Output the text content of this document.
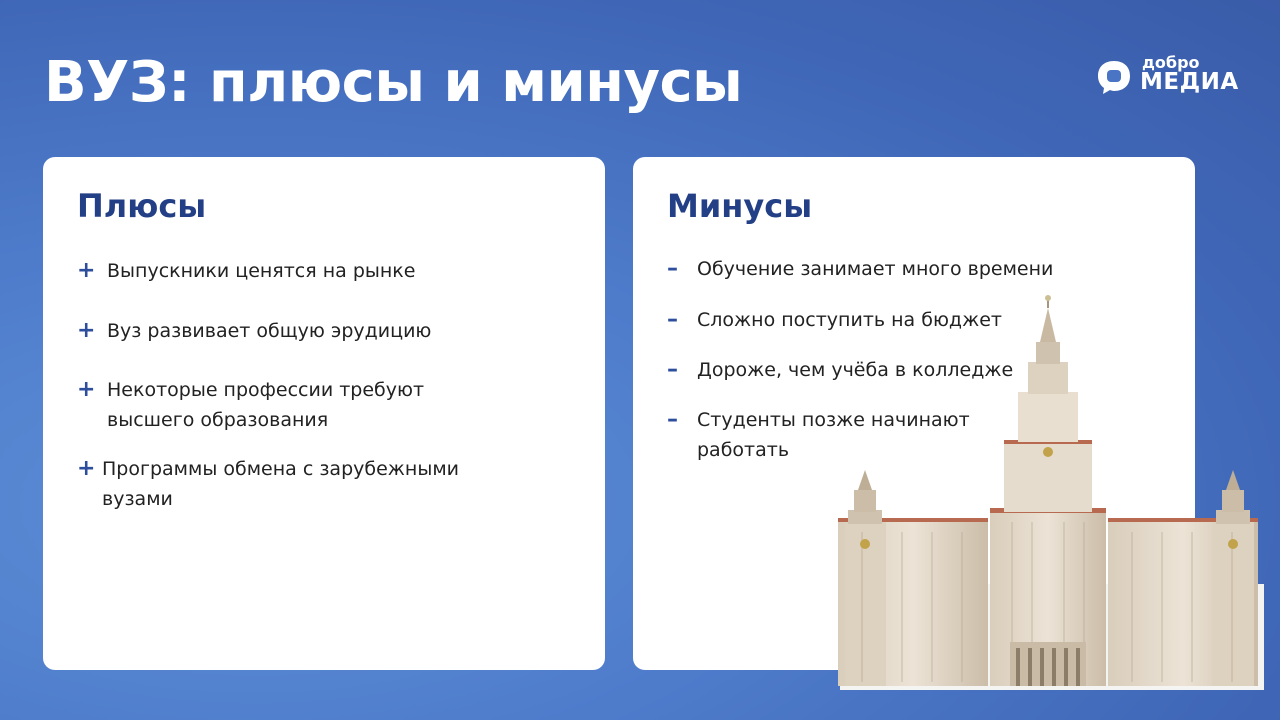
ВУЗ: плюсы и минусы	добро
МЕДИА
Плюсы
+ Выпускники ценятся на рынке
+ Вуз развивает общую эрудицию
+ Некоторые профессии требуют высшего образования
+ Программы обмена с зарубежными вузами
Минусы
–	Обучение занимает много времени
–	Сложно поступить на бюджет
–	Дороже, чем учёба в колледже
–	Студенты позже начинают работать
